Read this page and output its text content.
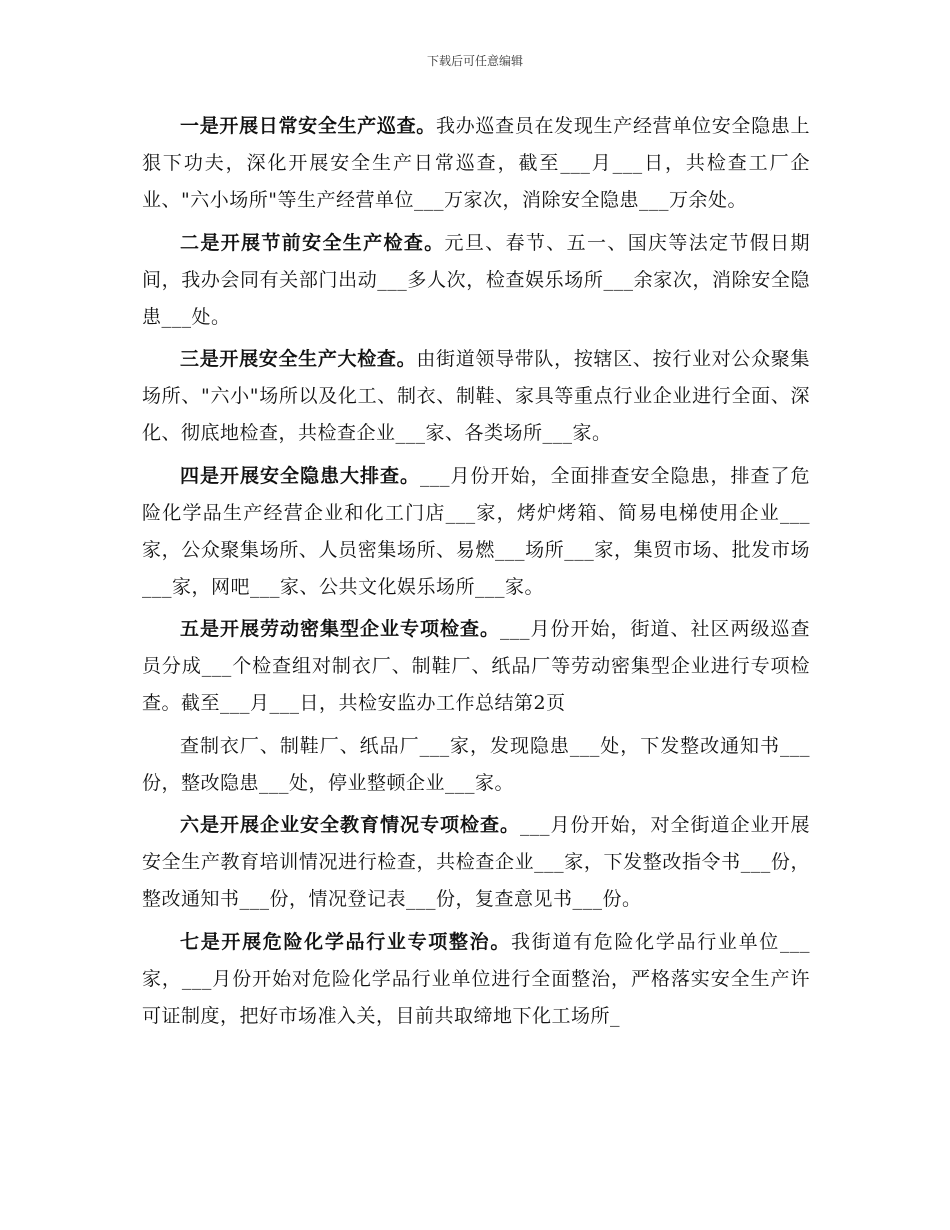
下载后可任意编辑

一是开展日常安全生产巡查。我办巡查员在发现生产经营单位安全隐患上狠下功夫，深化开展安全生产日常巡查，截至___月___日，共检查工厂企业、"六小场所"等生产经营单位___万家次，消除安全隐患___万余处。

二是开展节前安全生产检查。元旦、春节、五一、国庆等法定节假日期间，我办会同有关部门出动___多人次，检查娱乐场所___余家次，消除安全隐患___处。

三是开展安全生产大检查。由街道领导带队，按辖区、按行业对公众聚集场所、"六小"场所以及化工、制衣、制鞋、家具等重点行业企业进行全面、深化、彻底地检查，共检查企业___家、各类场所___家。

四是开展安全隐患大排查。___月份开始，全面排查安全隐患，排查了危险化学品生产经营企业和化工门店___家，烤炉烤箱、简易电梯使用企业___家，公众聚集场所、人员密集场所、易燃___场所___家，集贸市场、批发市场___家，网吧___家、公共文化娱乐场所___家。

五是开展劳动密集型企业专项检查。___月份开始，街道、社区两级巡查员分成___个检查组对制衣厂、制鞋厂、纸品厂等劳动密集型企业进行专项检查。截至___月___日，共检安监办工作总结第2页

查制衣厂、制鞋厂、纸品厂___家，发现隐患___处，下发整改通知书___份，整改隐患___处，停业整顿企业___家。

六是开展企业安全教育情况专项检查。___月份开始，对全街道企业开展安全生产教育培训情况进行检查，共检查企业___家，下发整改指令书___份，整改通知书___份，情况登记表___份，复查意见书___份。

七是开展危险化学品行业专项整治。我街道有危险化学品行业单位___家，___月份开始对危险化学品行业单位进行全面整治，严格落实安全生产许可证制度，把好市场准入关，目前共取缔地下化工场所_
